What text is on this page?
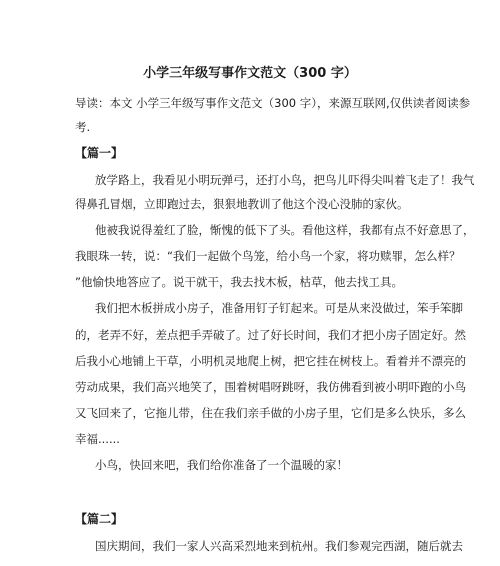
小学三年级写事作文范文（300 字）
导读：本文 小学三年级写事作文范文（300 字），来源互联网,仅供读者阅读参
考.
【篇一】
放学路上，我看见小明玩弹弓，还打小鸟，把鸟儿吓得尖叫着飞走了！我气
得鼻孔冒烟，立即跑过去，狠狠地教训了他这个没心没肺的家伙。
他被我说得羞红了脸，惭愧的低下了头。看他这样，我都有点不好意思了，
我眼珠一转，说：“我们一起做个鸟笼，给小鸟一个家，将功赎罪，怎么样？
”他愉快地答应了。说干就干，我去找木板，枯草，他去找工具。
我们把木板拼成小房子，准备用钉子钉起来。可是从来没做过，笨手笨脚
的，老弄不好，差点把手弄破了。过了好长时间，我们才把小房子固定好。然
后我小心地铺上干草，小明机灵地爬上树，把它挂在树枝上。看着并不漂亮的
劳动成果，我们高兴地笑了，围着树唱呀跳呀，我仿佛看到被小明吓跑的小鸟
又飞回来了，它拖儿带，住在我们亲手做的小房子里，它们是多么快乐，多么
幸福......
小鸟，快回来吧，我们给你准备了一个温暖的家！
【篇二】
国庆期间，我们一家人兴高采烈地来到杭州。我们参观完西湖，随后就去
